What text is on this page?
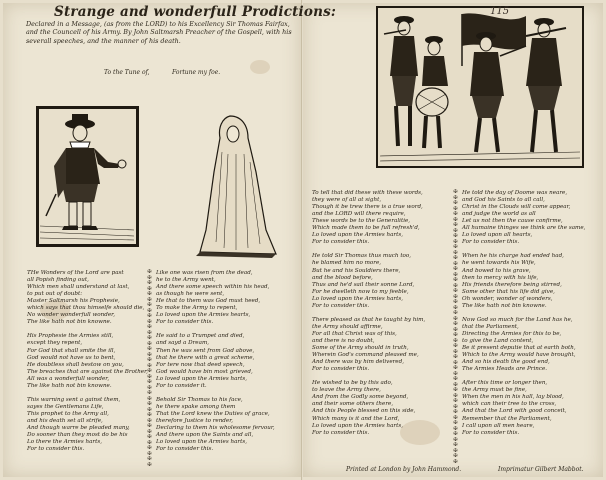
Strange and wonderfull Prodictions:
Declared in a Message, (as from the LORD) to his Excellency Sir Thomas Fairfax, and the Councell of his Army. By John Saltmarsh Preacher of the Gospell, with his severall speeches, and the manner of his death.
To the Tune of,	Fortune my foe.
115
THe Wonders of the Lord are past
all Popish finding out,
Which men shall understand at last,
to put out of doubt:
Master Saltmarsh his Prophesie,
which says that thou himselfe should die,
No wonder wonderfull wonder,
The like hath not bin knowne.

His Prophesie the Armies still,
except they repent,
For God that shall smite the ill,
God would not have us to bent,
He doubtless shall bestow on you,
The breaches that are against the Brother,
All was a wonderfull wonder,
The like hath not bin knowne.

This warning sent a gainst them,
sayes the Gentlemans Life,
This prophet to the Army all,
and his death set all strife,
And though warre be pleaded many,
Do sooner than they most do be his
Lo there the Armies harts,
For to consider this.
✠✠✠✠✠✠✠✠✠✠✠✠✠✠✠✠✠✠✠✠✠✠✠✠✠✠✠✠✠✠✠✠✠✠✠✠
Like one was risen from the dead,
he to the Army went,
And there some speech within his head,
as though he were sent,
He that to them was God must heed,
To make the Army to repent,
Lo loved upon the Armies hearts,
For to consider this.

He said to a Trumpet and died,
and sayd a Dream,
Then he was sent from God above,
that he there with a great scheme,
For tere now that deed speech,
God would have bin most grieved,
Lo loved upon the Armies harts,
For to consider it.

Behold Sir Thomas to his face,
he there spake among them
That the Lord knew the Duties of grace,
therefore Justice to render,
Declaring to them his wholesome fervour,
And there upon the Saints and all,
Lo loved upon the Armies harts,
For to consider this.
To tell that did these with these words,
they were of all at sight,
Though it be trew there is a true word,
and the LORD will there require,
These words be to the Generalitie,
Which made them to be full refresh'd,
Lo loved upon the Armies harts,
For to consider this.

He told Sir Thomas thus much too,
he blamed him no more,
But he and his Souldiers there,
and the blood before,
Thus and he'd sail their sonne Lord,
For he dwelleth now to my feeble,
Lo loved upon the Armies harts,
For to consider this.

There pleased as that he taught by him,
the Army should affirme,
For all that Christ was of this,
and there is no doubt,
Some of the Army should in truth,
Wherein God's command pleased me,
And there was by him delivered,
For to consider this.

He wished to be by this ado,
to leave the Army there,
And from the Godly some beyond,
and their some others there,
And this People blessed on this side,
Which many is it and the Lord,
Lo loved upon the Armies harts,
For to consider this.
✠✠✠✠✠✠✠✠✠✠✠✠✠✠✠✠✠✠✠✠✠✠✠✠✠✠✠✠✠✠✠✠✠✠✠✠✠✠✠✠✠✠✠✠✠✠✠✠✠✠
He told the day of Doome was neare,
and God his Saints to all call,
Christ in the Clouds will come appear,
and judge the world as all
Let us not then the cause confirme,
All humaine thinges we think are the same,
Lo loved upon all hearts,
For to consider this.

When he his charge had ended had,
he went towards his Wife,
And bowed to his grave,
then to mercy with his life,
His friends therefore being stirred,
Some other that his life did give,
Oh wonder, wonder of wonders,
The like hath not bin knowne.

Now God so much for the Land has he,
that the Parliament,
Directing the Armies for this to be,
to give the Land content,
Be it present deputie that at earth both,
Which to the Army would have brought,
And so his death the good end,
The Armies Heads are Prince.

After this time or longer then,
the Army must be fine,
When the men in his hall, lay blood,
which can their tree to the cross,
And that the Lord with good conceit,
Remember that the Parliament,
I call upon all men heare,
For to consider this.
Printed at London by John Hammond.	Imprimatur Gilbert Mabbot.
